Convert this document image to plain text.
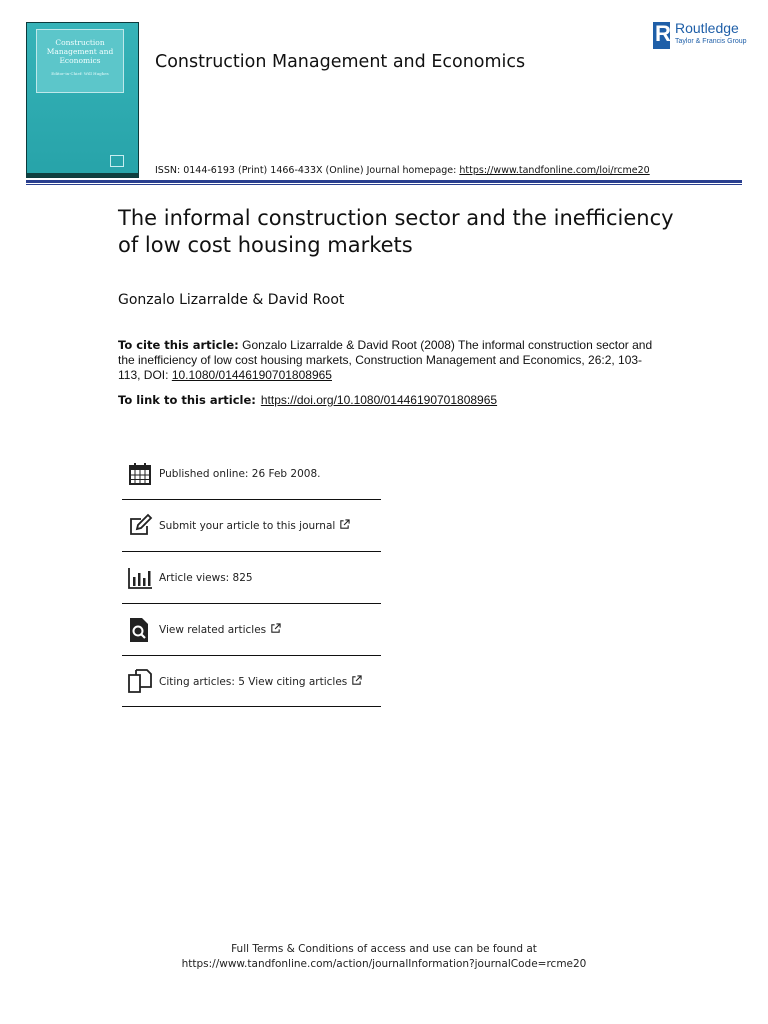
Construction Management and Economics
Editor-in-Chief: Will Hughes
Construction Management and Economics
R
Routledge
Taylor & Francis Group
ISSN: 0144-6193 (Print) 1466-433X (Online) Journal homepage: https://www.tandfonline.com/loi/rcme20
The informal construction sector and the inefficiency of low cost housing markets
Gonzalo Lizarralde & David Root
To cite this article: Gonzalo Lizarralde & David Root (2008) The informal construction sector and the inefficiency of low cost housing markets, Construction Management and Economics, 26:2, 103-113, DOI: 10.1080/01446190701808965
To link to this article: https://doi.org/10.1080/01446190701808965
Published online: 26 Feb 2008.
Submit your article to this journal
Article views: 825
View related articles
Citing articles: 5 View citing articles
Full Terms & Conditions of access and use can be found at
https://www.tandfonline.com/action/journalInformation?journalCode=rcme20
